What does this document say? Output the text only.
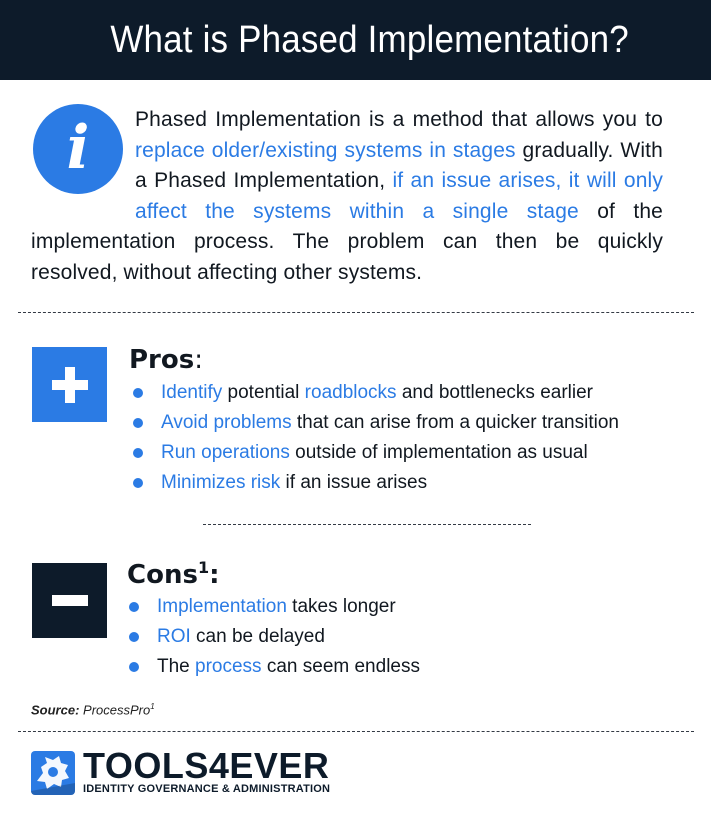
What is Phased Implementation?
i	Phased Implementation is a method that allows you to replace older/existing systems in stages gradually. With a Phased Implementation, if an issue arises, it will only affect the systems within a single stage of the implementation process. The problem can then be quickly resolved, without affecting other systems.

Pros:
Identify potential roadblocks and bottlenecks earlier
Avoid problems that can arise from a quicker transition
Run operations outside of implementation as usual
Minimizes risk if an issue arises
Cons$^1$:
Implementation takes longer
ROI can be delayed
The process can seem endless
Source: ProcessPro$^1$
TOOLS4EVER
IDENTITY GOVERNANCE & ADMINISTRATION
